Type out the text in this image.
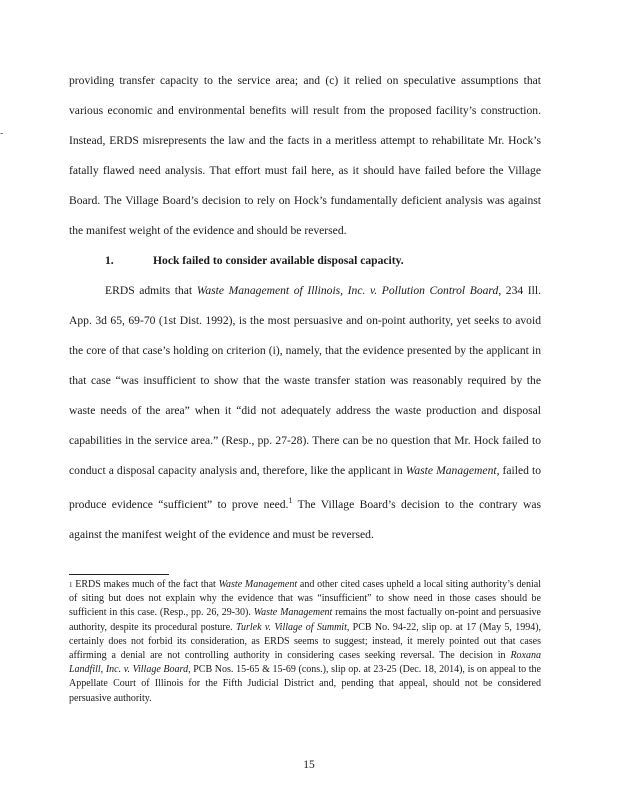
-

providing transfer capacity to the service area; and (c) it relied on speculative assumptions that various economic and environmental benefits will result from the proposed facility’s construction. Instead, ERDS misrepresents the law and the facts in a meritless attempt to rehabilitate Mr. Hock’s fatally flawed need analysis. That effort must fail here, as it should have failed before the Village Board. The Village Board’s decision to rely on Hock’s fundamentally deficient analysis was against the manifest weight of the evidence and should be reversed.

1.	Hock failed to consider available disposal capacity.

ERDS admits that Waste Management of Illinois, Inc. v. Pollution Control Board, 234 Ill. App. 3d 65, 69-70 (1st Dist. 1992), is the most persuasive and on-point authority, yet seeks to avoid the core of that case’s holding on criterion (i), namely, that the evidence presented by the applicant in that case “was insufficient to show that the waste transfer station was reasonably required by the waste needs of the area” when it “did not adequately address the waste production and disposal capabilities in the service area.” (Resp., pp. 27-28). There can be no question that Mr. Hock failed to conduct a disposal capacity analysis and, therefore, like the applicant in Waste Management, failed to produce evidence “sufficient” to prove need.$^1$ The Village Board’s decision to the contrary was against the manifest weight of the evidence and must be reversed.

$^1$ ERDS makes much of the fact that Waste Management and other cited cases upheld a local siting authority’s denial of siting but does not explain why the evidence that was “insufficient” to show need in those cases should be sufficient in this case. (Resp., pp. 26, 29-30). Waste Management remains the most factually on-point and persuasive authority, despite its procedural posture. Turlek v. Village of Summit, PCB No. 94-22, slip op. at 17 (May 5, 1994), certainly does not forbid its consideration, as ERDS seems to suggest; instead, it merely pointed out that cases affirming a denial are not controlling authority in considering cases seeking reversal. The decision in Roxana Landfill, Inc. v. Village Board, PCB Nos. 15-65 & 15-69 (cons.), slip op. at 23-25 (Dec. 18, 2014), is on appeal to the Appellate Court of Illinois for the Fifth Judicial District and, pending that appeal, should not be considered persuasive authority.

15
